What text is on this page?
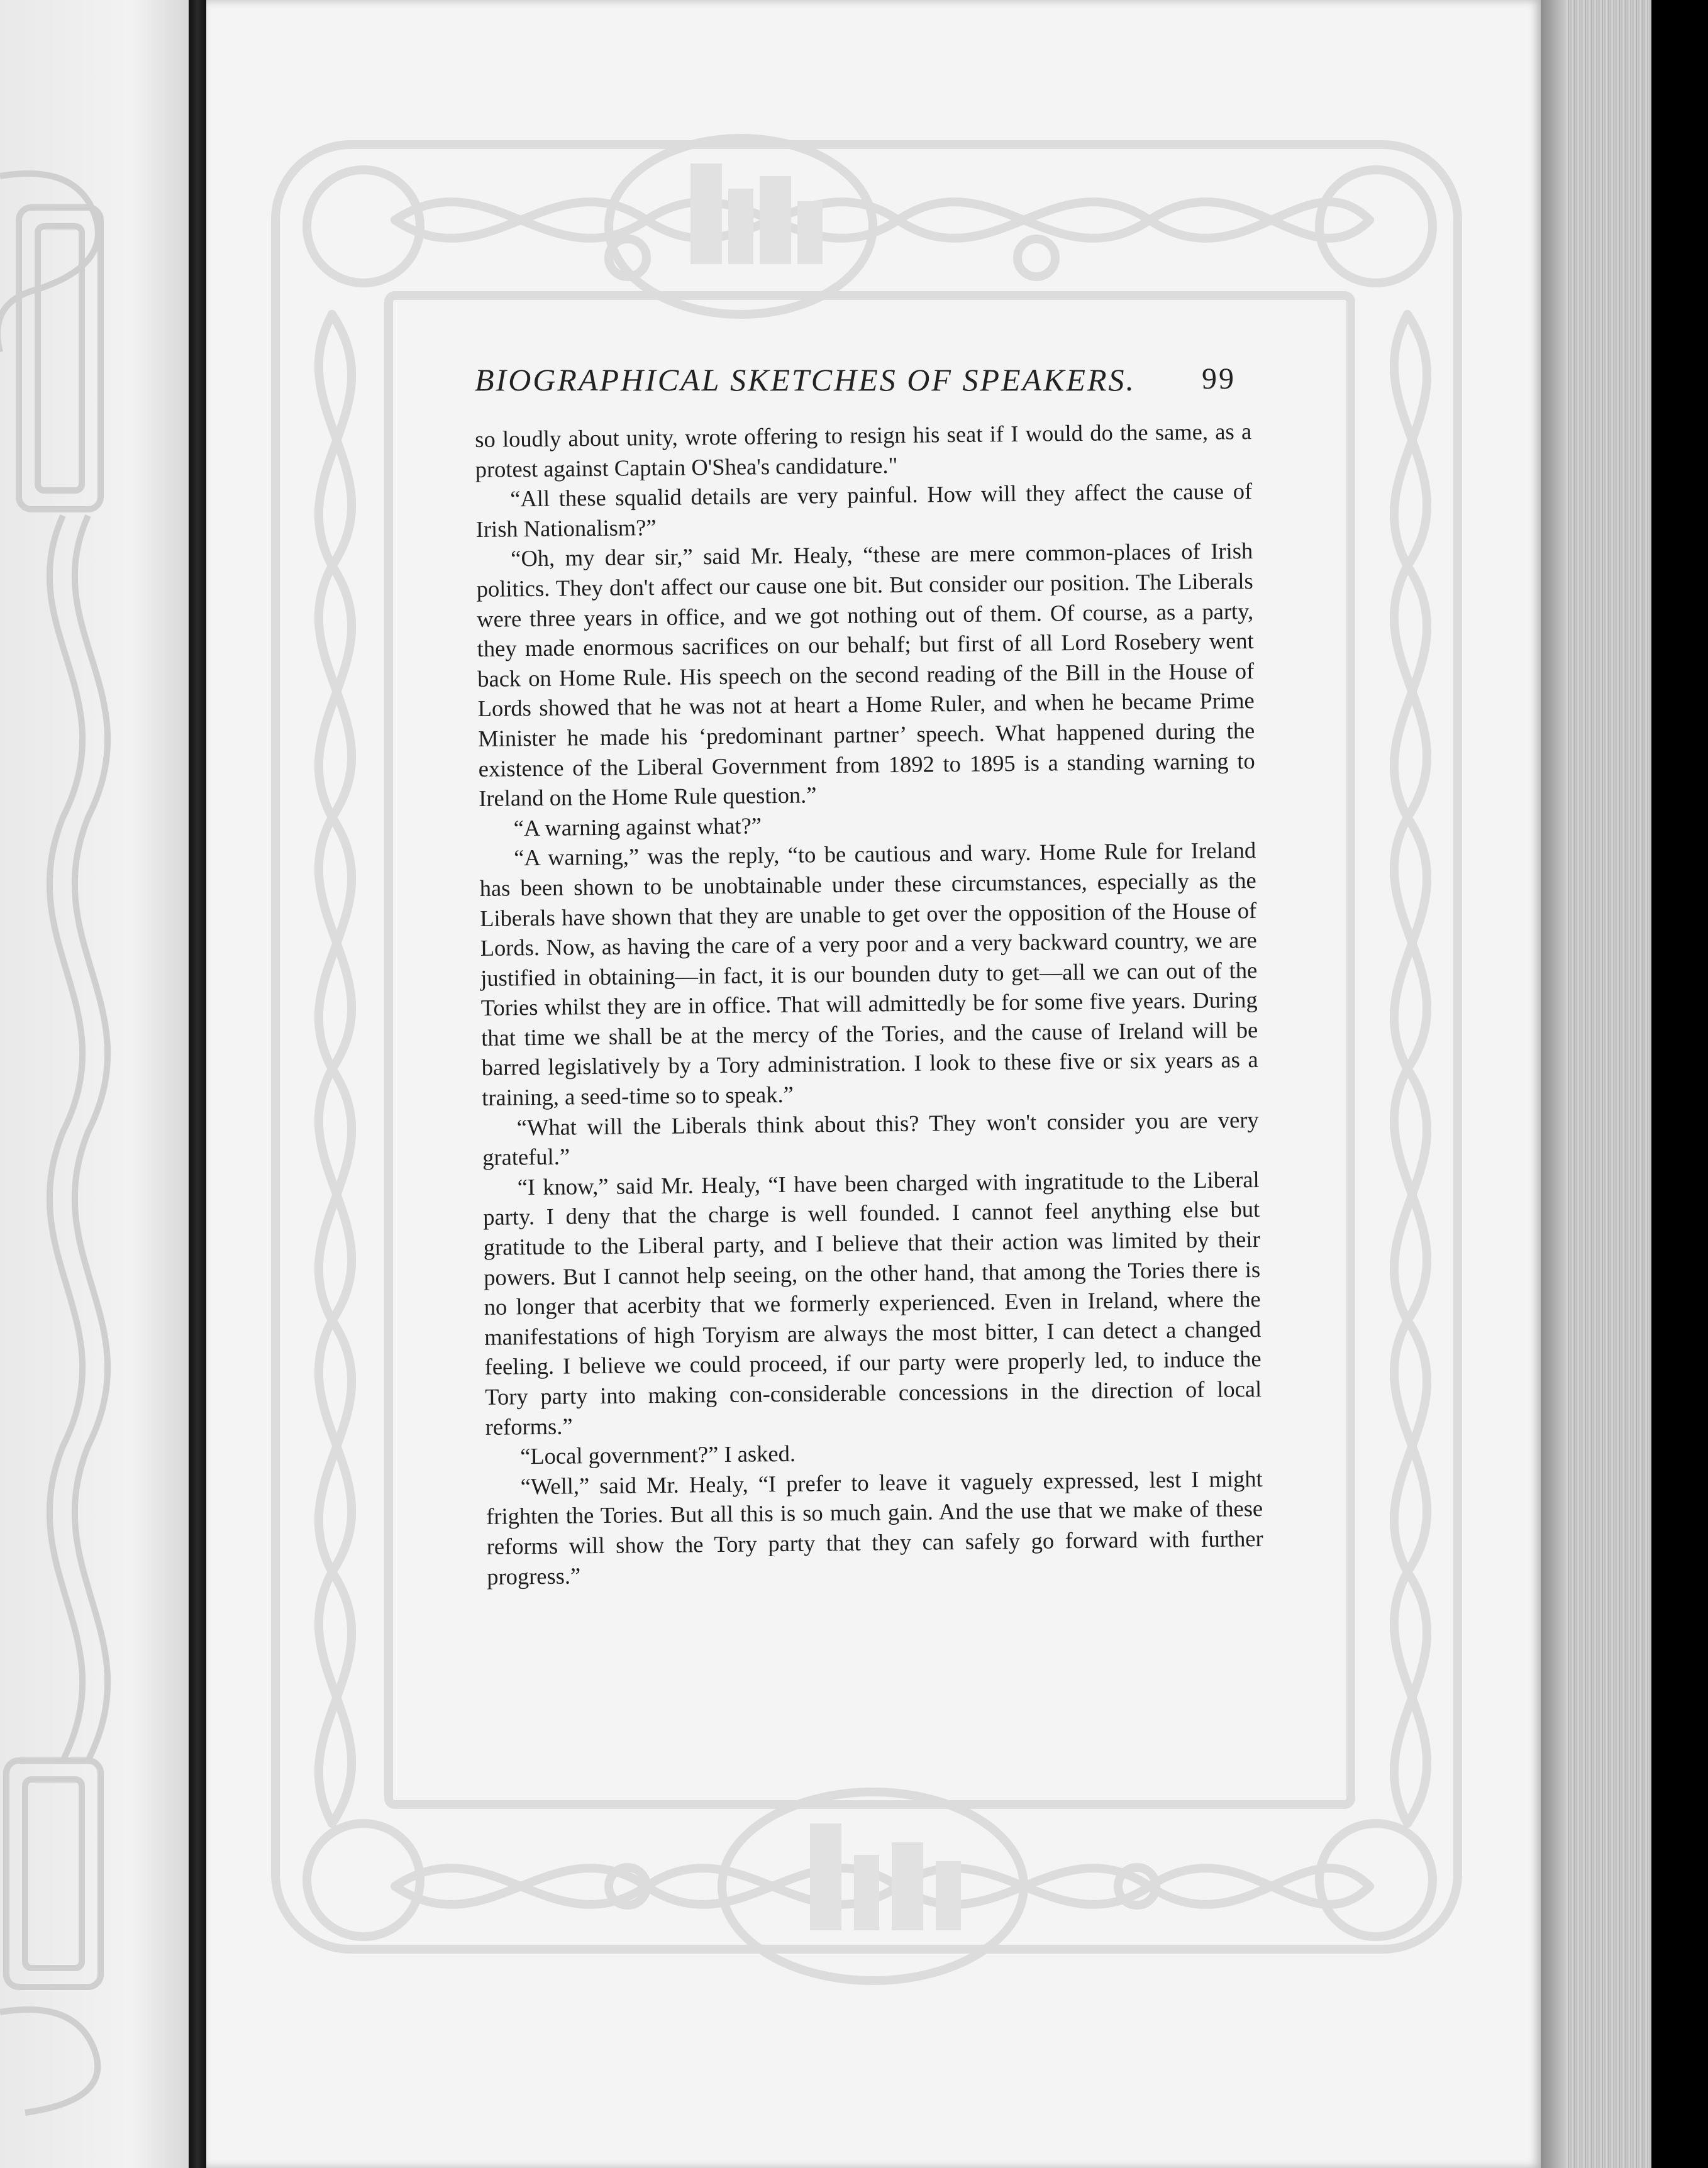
BIOGRAPHICAL SKETCHES OF SPEAKERS. 99

so loudly about unity, wrote offering to resign his seat if I would do the same, as a protest against Captain O'Shea's candidature."

“All these squalid details are very painful. How will they affect the cause of Irish Nationalism?”

“Oh, my dear sir,” said Mr. Healy, “these are mere common-places of Irish politics. They don't affect our cause one bit. But consider our position. The Liberals were three years in office, and we got nothing out of them. Of course, as a party, they made enormous sacrifices on our behalf; but first of all Lord Rosebery went back on Home Rule. His speech on the second reading of the Bill in the House of Lords showed that he was not at heart a Home Ruler, and when he became Prime Minister he made his ‘predominant partner’ speech. What happened during the existence of the Liberal Government from 1892 to 1895 is a standing warning to Ireland on the Home Rule question.”

“A warning against what?”

“A warning,” was the reply, “to be cautious and wary. Home Rule for Ireland has been shown to be unobtainable under these circumstances, especially as the Liberals have shown that they are unable to get over the opposition of the House of Lords. Now, as having the care of a very poor and a very backward country, we are justified in obtaining—in fact, it is our bounden duty to get—all we can out of the Tories whilst they are in office. That will admittedly be for some five years. During that time we shall be at the mercy of the Tories, and the cause of Ireland will be barred legislatively by a Tory administration. I look to these five or six years as a training, a seed-time so to speak.”

“What will the Liberals think about this? They won't consider you are very grateful.”

“I know,” said Mr. Healy, “I have been charged with ingratitude to the Liberal party. I deny that the charge is well founded. I cannot feel anything else but gratitude to the Liberal party, and I believe that their action was limited by their powers. But I cannot help seeing, on the other hand, that among the Tories there is no longer that acerbity that we formerly experienced. Even in Ireland, where the manifestations of high Toryism are always the most bitter, I can detect a changed feeling. I believe we could proceed, if our party were properly led, to induce the Tory party into making con-considerable concessions in the direction of local reforms.”

“Local government?” I asked.

“Well,” said Mr. Healy, “I prefer to leave it vaguely expressed, lest I might frighten the Tories. But all this is so much gain. And the use that we make of these reforms will show the Tory party that they can safely go forward with further progress.”
